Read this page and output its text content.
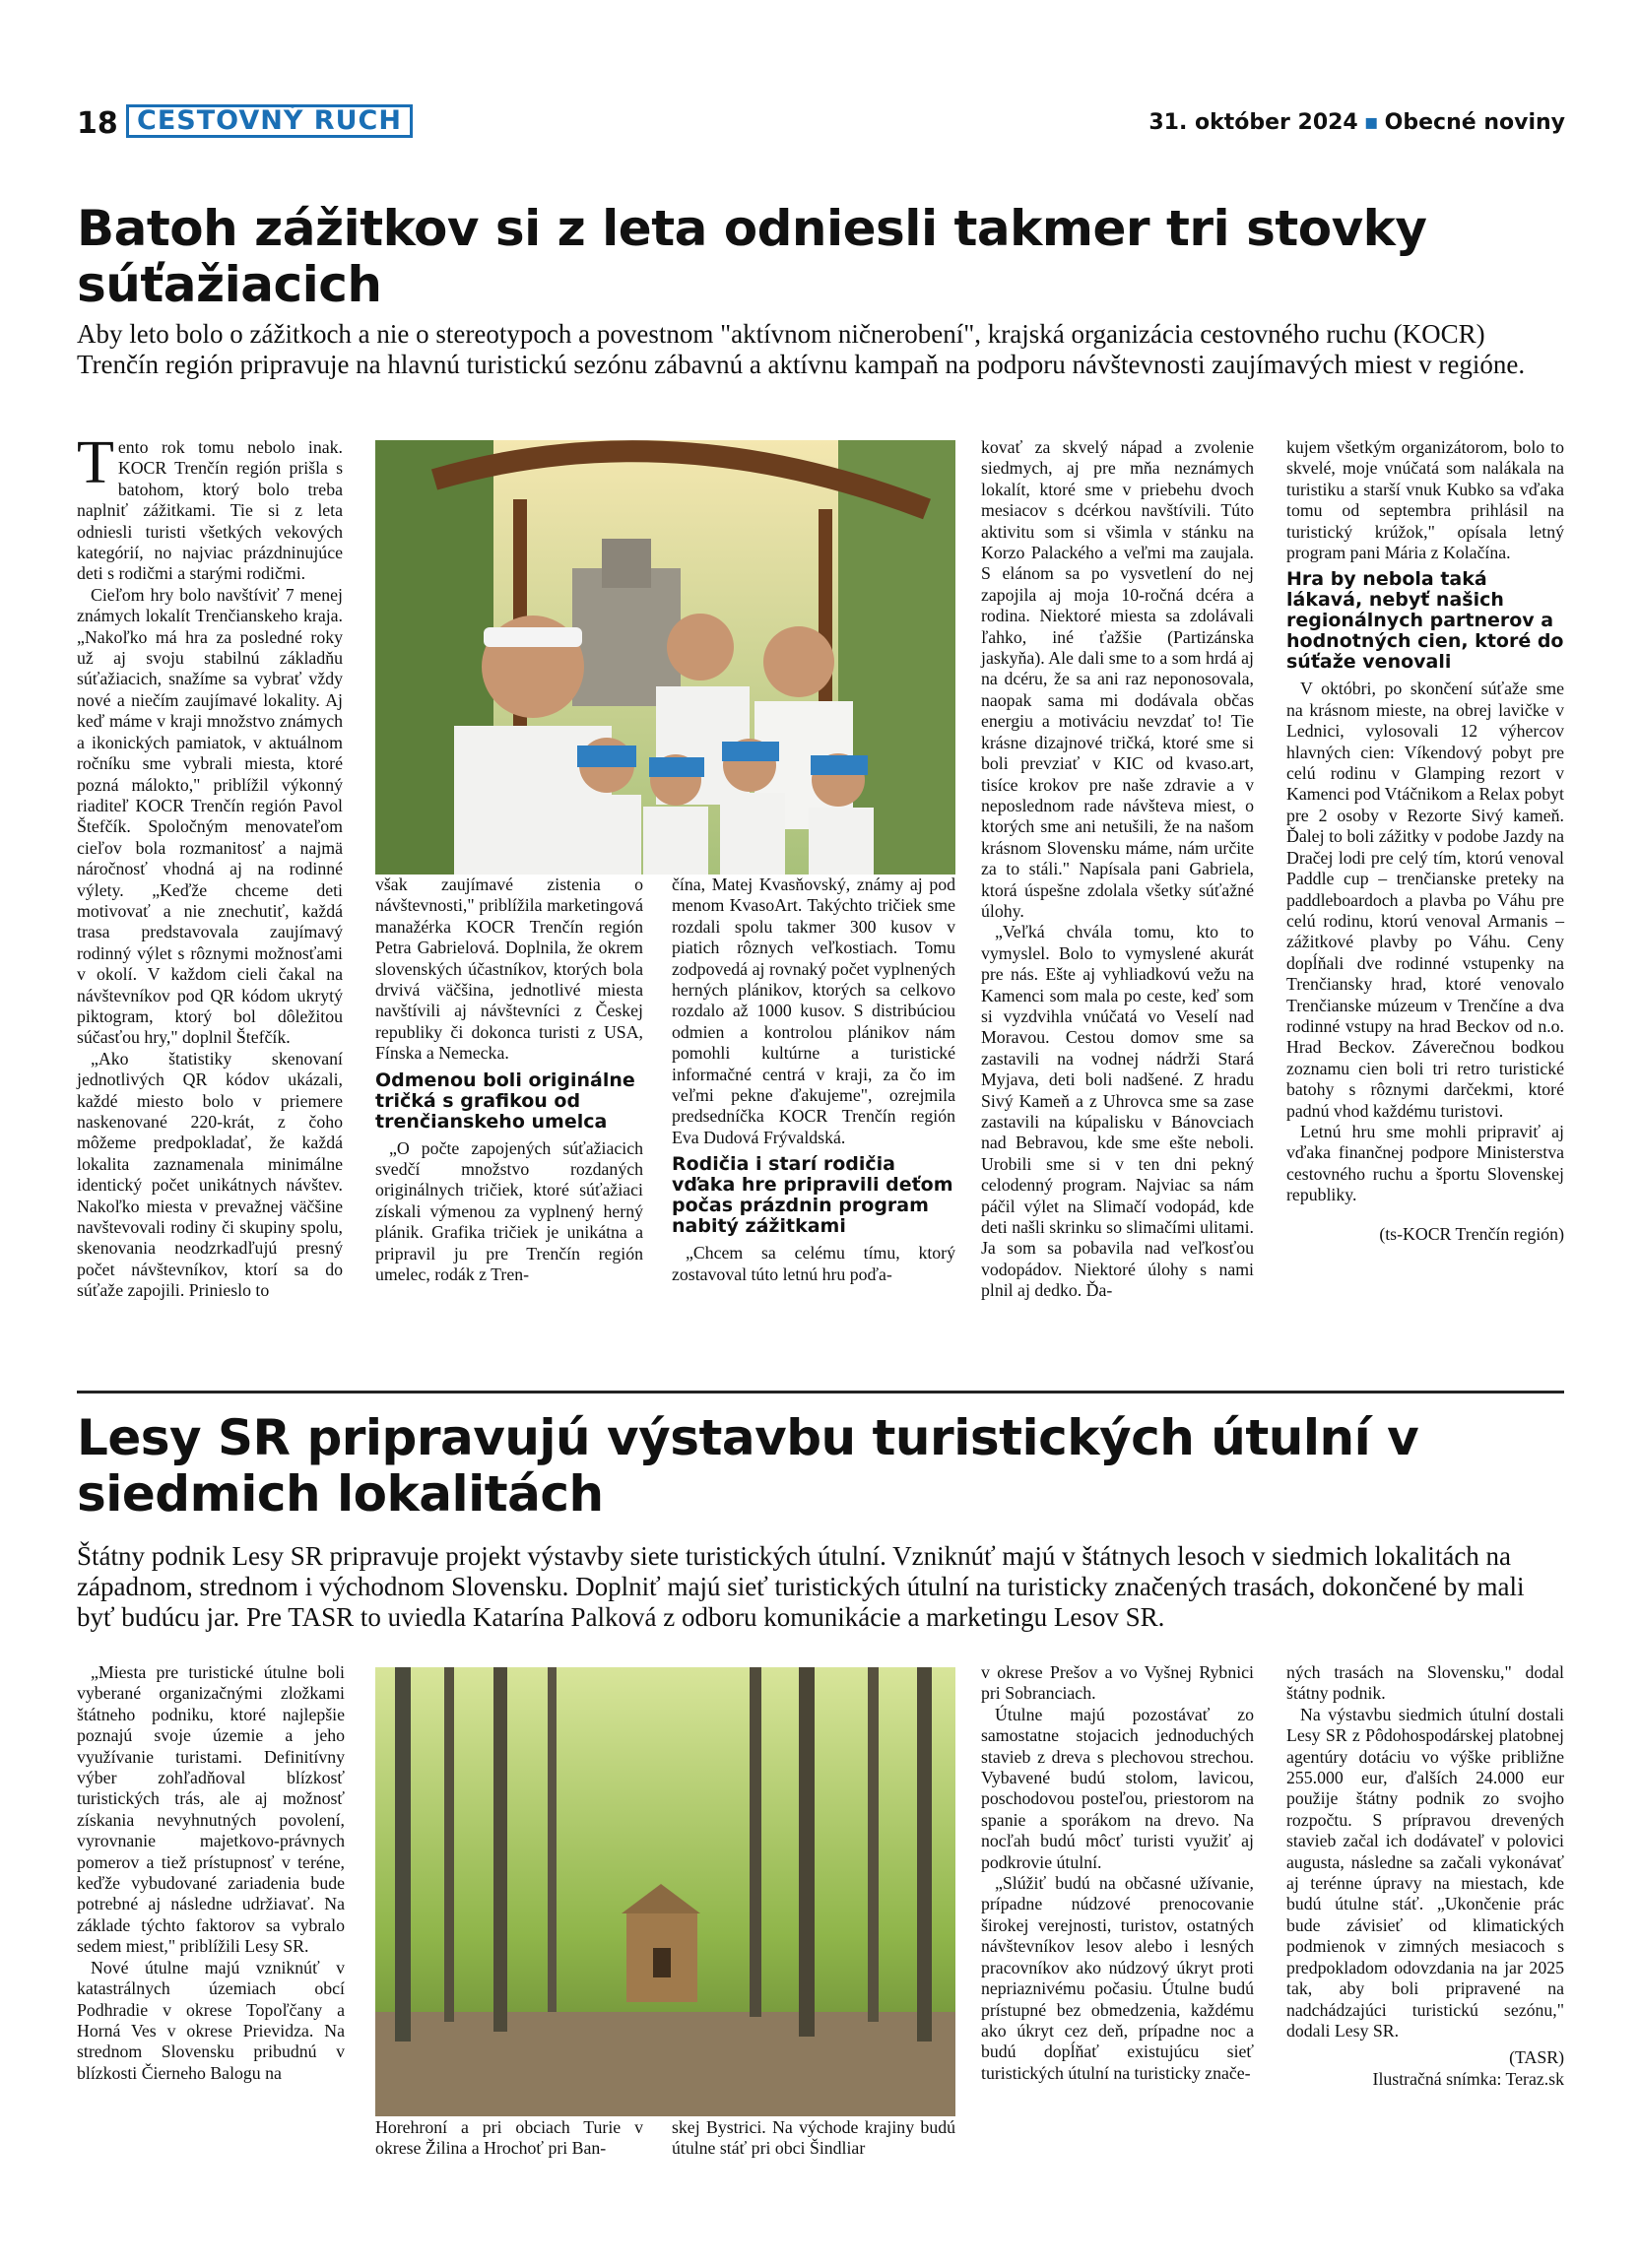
18 CESTOVNÝ RUCH	31. október 2024 ▪ Obecné noviny
Batoh zážitkov si z leta odniesli takmer tri stovky súťažiacich
Aby leto bolo o zážitkoch a nie o stereotypoch a povestnom "aktívnom ničnerobení", krajská organizácia cestovného ruchu (KOCR) Trenčín región pripravuje na hlavnú turistickú sezónu zábavnú a aktívnu kampaň na podporu návštevnosti zaujímavých miest v regióne.

Tento rok tomu nebolo inak. KOCR Trenčín región prišla s batohom, ktorý bolo treba naplniť zážitkami. Tie si z leta odniesli turisti všetkých vekových kategórií, no najviac prázdninujúce deti s rodičmi a starými rodičmi.

Cieľom hry bolo navštíviť 7 menej známych lokalít Trenčianskeho kraja. „Nakoľko má hra za posledné roky už aj svoju stabilnú základňu súťažiacich, snažíme sa vybrať vždy nové a niečím zaujímavé lokality. Aj keď máme v kraji množstvo známych a ikonických pamiatok, v aktuálnom ročníku sme vybrali miesta, ktoré pozná málokto," priblížil výkonný riaditeľ KOCR Trenčín región Pavol Štefčík. Spoločným menovateľom cieľov bola rozmanitosť a najmä náročnosť vhodná aj na rodinné výlety. „Keďže chceme deti motivovať a nie znechutiť, každá trasa predstavovala zaujímavý rodinný výlet s rôznymi možnosťami v okolí. V každom cieli čakal na návštevníkov pod QR kódom ukrytý piktogram, ktorý bol dôležitou súčasťou hry," doplnil Štefčík.

„Ako štatistiky skenovaní jednotlivých QR kódov ukázali, každé miesto bolo v priemere naskenované 220-krát, z čoho môžeme predpokladať, že každá lokalita zaznamenala minimálne identický počet unikátnych návštev. Nakoľko miesta v prevažnej väčšine navštevovali rodiny či skupiny spolu, skenovania neodzrkadľujú presný počet návštevníkov, ktorí sa do súťaže zapojili. Prinieslo to

však zaujímavé zistenia o návštevnosti," priblížila marketingová manažérka KOCR Trenčín región Petra Gabrielová. Doplnila, že okrem slovenských účastníkov, ktorých bola drvivá väčšina, jednotlivé miesta navštívili aj návštevníci z Českej republiky či dokonca turisti z USA, Fínska a Nemecka.

Odmenou boli originálne tričká s grafikou od trenčianskeho umelca

„O počte zapojených súťažiacich svedčí množstvo rozdaných originálnych tričiek, ktoré súťažiaci získali výmenou za vyplnený herný plánik. Grafika tričiek je unikátna a pripravil ju pre Trenčín región umelec, rodák z Tren-

čína, Matej Kvasňovský, známy aj pod menom KvasoArt. Takýchto tričiek sme rozdali spolu takmer 300 kusov v piatich rôznych veľkostiach. Tomu zodpovedá aj rovnaký počet vyplnených herných plánikov, ktorých sa celkovo rozdalo až 1000 kusov. S distribúciou odmien a kontrolou plánikov nám pomohli kultúrne a turistické informačné centrá v kraji, za čo im veľmi pekne ďakujeme", ozrejmila predsedníčka KOCR Trenčín región Eva Dudová Frývaldská.

Rodičia i starí rodičia vďaka hre pripravili deťom počas prázdnin program nabitý zážitkami

„Chcem sa celému tímu, ktorý zostavoval túto letnú hru poďa-

kovať za skvelý nápad a zvolenie siedmych, aj pre mňa neznámych lokalít, ktoré sme v priebehu dvoch mesiacov s dcérkou navštívili. Túto aktivitu som si všimla v stánku na Korzo Palackého a veľmi ma zaujala. S elánom sa po vysvetlení do nej zapojila aj moja 10-ročná dcéra a rodina. Niektoré miesta sa zdolávali ľahko, iné ťažšie (Partizánska jaskyňa). Ale dali sme to a som hrdá aj na dcéru, že sa ani raz neponosovala, naopak sama mi dodávala občas energiu a motiváciu nevzdať to! Tie krásne dizajnové tričká, ktoré sme si boli prevziať v KIC od kvaso.art, tisíce krokov pre naše zdravie a v neposlednom rade návšteva miest, o ktorých sme ani netušili, že na našom krásnom Slovensku máme, nám určite za to stáli." Napísala pani Gabriela, ktorá úspešne zdolala všetky súťažné úlohy.

„Veľká chvála tomu, kto to vymyslel. Bolo to vymyslené akurát pre nás. Ešte aj vyhliadkovú vežu na Kamenci som mala po ceste, keď som si vyzdvihla vnúčatá vo Veselí nad Moravou. Cestou domov sme sa zastavili na vodnej nádrži Stará Myjava, deti boli nadšené. Z hradu Sivý Kameň a z Uhrovca sme sa zase zastavili na kúpalisku v Bánovciach nad Bebravou, kde sme ešte neboli. Urobili sme si v ten dni pekný celodenný program. Najviac sa nám páčil výlet na Slimačí vodopád, kde deti našli skrinku so slimačími ulitami. Ja som sa pobavila nad veľkosťou vodopádov. Niektoré úlohy s nami plnil aj dedko. Ďa-

kujem všetkým organizátorom, bolo to skvelé, moje vnúčatá som nalákala na turistiku a starší vnuk Kubko sa vďaka tomu od septembra prihlásil na turistický krúžok," opísala letný program pani Mária z Kolačína.

Hra by nebola taká lákavá, nebyť našich regionálnych partnerov a hodnotných cien, ktoré do súťaže venovali

V októbri, po skončení súťaže sme na krásnom mieste, na obrej lavičke v Lednici, vylosovali 12 výhercov hlavných cien: Víkendový pobyt pre celú rodinu v Glamping rezort v Kamenci pod Vtáčnikom a Relax pobyt pre 2 osoby v Rezorte Sivý kameň. Ďalej to boli zážitky v podobe Jazdy na Dračej lodi pre celý tím, ktorú venoval Paddle cup – trenčianske preteky na paddleboardoch a plavba po Váhu pre celú rodinu, ktorú venoval Armanis – zážitkové plavby po Váhu. Ceny dopĺňali dve rodinné vstupenky na Trenčiansky hrad, ktoré venovalo Trenčianske múzeum v Trenčíne a dva rodinné vstupy na hrad Beckov od n.o. Hrad Beckov. Záverečnou bodkou zoznamu cien boli tri retro turistické batohy s rôznymi darčekmi, ktoré padnú vhod každému turistovi.

Letnú hru sme mohli pripraviť aj vďaka finančnej podpore Ministerstva cestovného ruchu a športu Slovenskej republiky.

(ts-KOCR Trenčín región)

Lesy SR pripravujú výstavbu turistických útulní v siedmich lokalitách
Štátny podnik Lesy SR pripravuje projekt výstavby siete turistických útulní. Vzniknúť majú v štátnych lesoch v siedmich lokalitách na západnom, strednom i východnom Slovensku. Doplniť majú sieť turistických útulní na turisticky značených trasách, dokončené by mali byť budúcu jar. Pre TASR to uviedla Katarína Palková z odboru komunikácie a marketingu Lesov SR.

„Miesta pre turistické útulne boli vyberané organizačnými zložkami štátneho podniku, ktoré najlepšie poznajú svoje územie a jeho využívanie turistami. Definitívny výber zohľadňoval blízkosť turistických trás, ale aj možnosť získania nevyhnutných povolení, vyrovnanie majetkovo-právnych pomerov a tiež prístupnosť v teréne, keďže vybudované zariadenia bude potrebné aj následne udržiavať. Na základe týchto faktorov sa vybralo sedem miest," priblížili Lesy SR.

Nové útulne majú vzniknúť v katastrálnych územiach obcí Podhradie v okrese Topoľčany a Horná Ves v okrese Prievidza. Na strednom Slovensku pribudnú v blízkosti Čierneho Balogu na

Horehroní a pri obciach Turie v okrese Žilina a Hrochoť pri Ban-

skej Bystrici. Na východe krajiny budú útulne stáť pri obci Šindliar

v okrese Prešov a vo Vyšnej Rybnici pri Sobranciach.

Útulne majú pozostávať zo samostatne stojacich jednoduchých stavieb z dreva s plechovou strechou. Vybavené budú stolom, lavicou, poschodovou posteľou, priestorom na spanie a sporákom na drevo. Na nocľah budú môcť turisti využiť aj podkrovie útulní.

„Slúžiť budú na občasné užívanie, prípadne núdzové prenocovanie širokej verejnosti, turistov, ostatných návštevníkov lesov alebo i lesných pracovníkov ako núdzový úkryt proti nepriaznivému počasiu. Útulne budú prístupné bez obmedzenia, každému ako úkryt cez deň, prípadne noc a budú dopĺňať existujúcu sieť turistických útulní na turisticky znače-

ných trasách na Slovensku," dodal štátny podnik.

Na výstavbu siedmich útulní dostali Lesy SR z Pôdohospodárskej platobnej agentúry dotáciu vo výške približne 255.000 eur, ďalších 24.000 eur použije štátny podnik zo svojho rozpočtu. S prípravou drevených stavieb začal ich dodávateľ v polovici augusta, následne sa začali vykonávať aj terénne úpravy na miestach, kde budú útulne stáť. „Ukončenie prác bude závisieť od klimatických podmienok v zimných mesiacoch s predpokladom odovzdania na jar 2025 tak, aby boli pripravené na nadchádzajúci turistickú sezónu," dodali Lesy SR.

(TASR)

Ilustračná snímka: Teraz.sk
